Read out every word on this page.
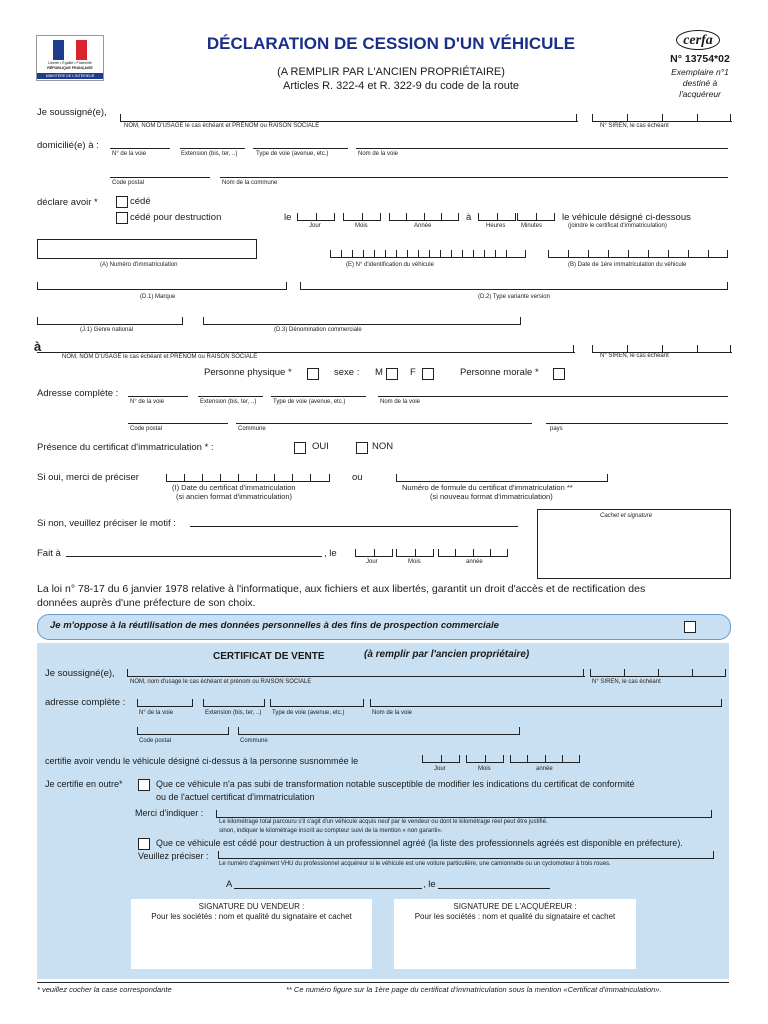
Liberté • Égalité • Fraternité
RÉPUBLIQUE FRANÇAISE
MINISTÈRE DE L'INTÉRIEUR
DÉCLARATION DE CESSION D'UN VÉHICULE
(A REMPLIR PAR L'ANCIEN PROPRIÉTAIRE)
Articles R. 322-4 et R. 322-9 du code de la route
cerfa
N° 13754*02
Exemplaire n°1
destiné à
l'acquéreur
Je soussigné(e),
NOM, NOM D'USAGE le cas échéant et PRÉNOM ou RAISON SOCIALE	N° SIREN, le cas échéant
domicilié(e) à :
N° de la voie	Extension (bis, ter, ..)	Type de voie (avenue, etc.)	Nom de la voie
Code postal	Nom de la commune
déclare avoir *	cédé
cédé pour destruction	le	à
Jour	Mois	Année	Heures	Minutes
le véhicule désigné ci-dessous
(joindre le certificat d'immatriculation)
(A) Numéro d'immatriculation	(E) N° d'identification du véhicule	(B) Date de 1ère immatriculation du véhicule
(D.1) Marque	(D.2) Type variante version
(J.1) Genre national	(D.3) Dénomination commerciale
à
NOM, NOM D'USAGE le cas échéant et PRÉNOM ou RAISON SOCIALE	N° SIREN, le cas échéant
Personne physique *	sexe : M	F	Personne morale *
Adresse complète :
N° de la voie	Extension (bis, ter, ..)	Type de voie (avenue, etc.)	Nom de la voie
Code postal	Commune	pays
Présence du certificat d'immatriculation * :	OUI	NON
Si oui, merci de préciser
(I) Date du certificat d'immatriculation
(si ancien format d'immatriculation)
ou
Numéro de formule du certificat d'immatriculation **
(si nouveau format d'immatriculation)
Si non, veuillez préciser le motif :
Cachet et signature
Fait à	, le
Jour	Mois	année
La loi n° 78-17 du 6 janvier 1978 relative à l'informatique, aux fichiers et aux libertés, garantit un droit d'accès et de rectification des
données auprès d'une préfecture de son choix.
Je m'oppose à la réutilisation de mes données personnelles à des fins de prospection commerciale
CERTIFICAT DE VENTE	(à remplir par l'ancien propriétaire)
Je soussigné(e),
NOM, nom d'usage le cas échéant et prénom ou RAISON SOCIALE	N° SIREN, le cas échéant
adresse complète :
N° de la voie	Extension (bis, ter, ..) Type de voie (avenue, etc.)	Nom de la voie
Code postal	Commune
certifie avoir vendu le véhicule désigné ci-dessus à la personne susnommée le
Jour	Mois	année
Je certifie en outre*	Que ce véhicule n'a pas subi de transformation notable susceptible de modifier les indications du certificat de conformité
ou de l'actuel certificat d'immatriculation
Merci d'indiquer :
Le kilométrage total parcouru s'il s'agit d'un véhicule acquis neuf par le vendeur ou dont le kilométrage réel peut être justifié.
sinon, indiquer le kilométrage inscrit au compteur suivi de la mention « non garanti».
Que ce véhicule est cédé pour destruction à un professionnel agréé (la liste des professionnels agréés est disponible en préfecture).
Veuillez préciser :
Le numéro d'agrément VHU du professionnel acquéreur si le véhicule est une voiture particulière, une camionnette ou un cyclomoteur à trois roues.
A	, le
SIGNATURE DU VENDEUR :
Pour les sociétés : nom et qualité du signataire et cachet
SIGNATURE DE L'ACQUÉREUR :
Pour les sociétés : nom et qualité du signataire et cachet
* veuillez cocher la case correspondante	** Ce numéro figure sur la 1ère page du certificat d'immatriculation sous la mention «Certificat d'immatriculation».
